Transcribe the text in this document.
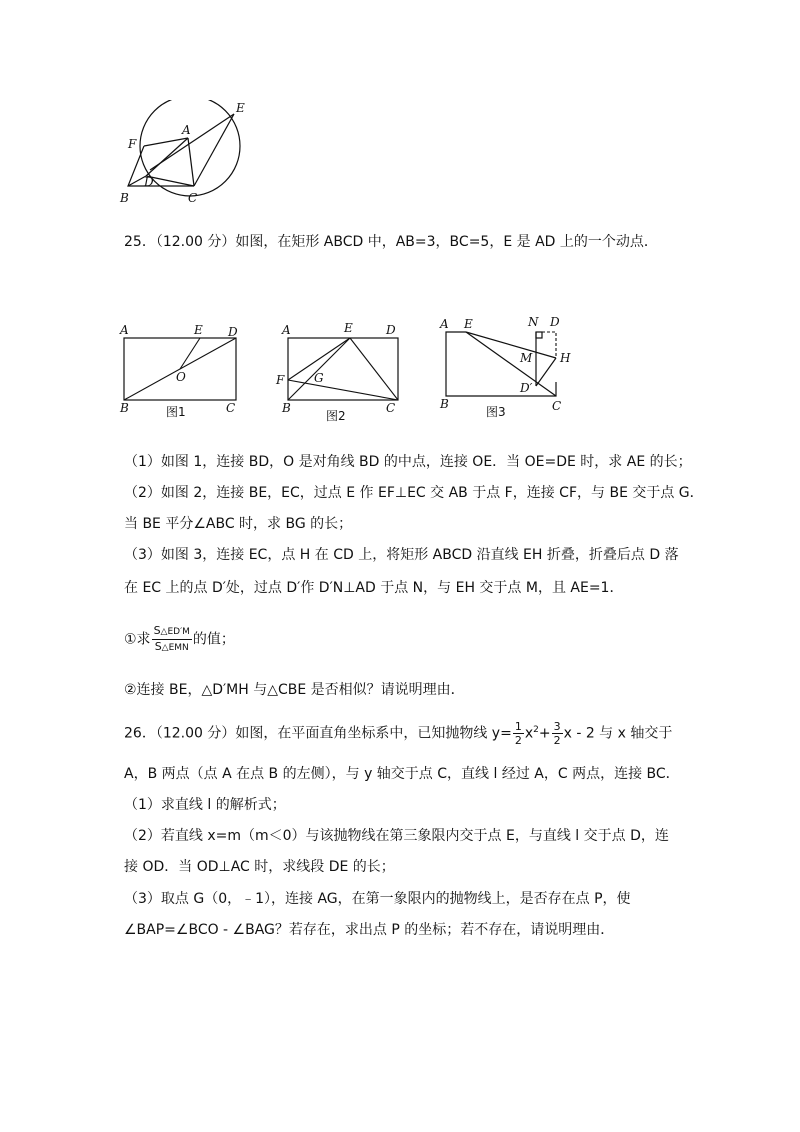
A
B	C
D
E
F
25．（12.00 分）如图，在矩形 ABCD 中，AB=3，BC=5，E 是 AD 上的一个动点．
A	E D
O
B	C
图1
A	E	D
F G
B	C
图2
A E	N D
M H
D′
B	C
图3
（1）如图 1，连接 BD，O 是对角线 BD 的中点，连接 OE．当 OE=DE 时，求 AE 的长；
（2）如图 2，连接 BE，EC，过点 E 作 EF⊥EC 交 AB 于点 F，连接 CF，与 BE 交于点 G．
当 BE 平分∠ABC 时，求 BG 的长；
（3）如图 3，连接 EC，点 H 在 CD 上，将矩形 ABCD 沿直线 EH 折叠，折叠后点 D 落
在 EC 上的点 D′处，过点 D′作 D′N⊥AD 于点 N，与 EH 交于点 M，且 AE=1．
①求 $\frac{S\triangle ED'M}{\text{S△EMN}}$ 的值；
②连接 BE，△D′MH 与△CBE 是否相似？请说明理由．
26．（12.00 分）如图，在平面直角坐标系中，已知抛物线 $y= \frac{1}{2} x^2+ \frac{3}{2}$ x - 2 与 x 轴交于
A，B 两点（点 A 在点 B 的左侧），与 y 轴交于点 C，直线 l 经过 A，C 两点，连接 BC．
（1）求直线 l 的解析式；
（2）若直线 x=m（m＜0）与该抛物线在第三象限内交于点 E，与直线 l 交于点 D，连
接 OD．当 OD⊥AC 时，求线段 DE 的长；
（3）取点 G（0，﹣1），连接 AG，在第一象限内的抛物线上，是否存在点 P，使
∠BAP=∠BCO - ∠BAG？若存在，求出点 P 的坐标；若不存在，请说明理由．
